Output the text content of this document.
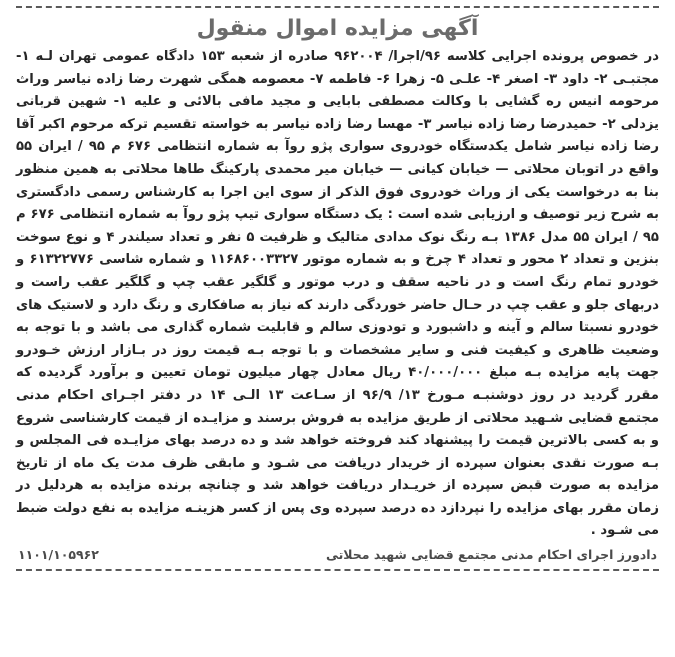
آگهی مزایده اموال منقول
در خصوص پرونده اجرایی کلاسه ۹۶/اجرا/ ۹۶۲۰۰۴ صادره از شعبه ۱۵۳ دادگاه عمومی تهران لـه ۱- مجتبـی ۲- داود ۳- اصغر ۴- علـی ۵- زهرا ۶- فاطمه ۷- معصومه همگی شهرت رضا زاده نیاسر وراث مرحومه انیس ره گشایی با وکالت مصطفی بابایی و مجید مافی بالائی و علیه ۱- شهین قربانی یزدلی ۲- حمیدرضا رضا زاده نیاسر ۳- مهسا رضا زاده نیاسر به خواسته تقسیم ترکه مرحوم اکبر آقا رضا زاده نیاسر شامل یکدستگاه خودروی سواری پژو روآ به شماره انتظامی ۶۷۶ م ۹۵ / ایران ۵۵ واقع در اتوبان محلاتی — خیابان کیانی — خیابان میر محمدی پارکینگ طاها محلاتی به همین منظور بنا به درخواست یکی از وراث خودروی فوق الذکر از سوی این اجرا به کارشناس رسمی دادگستری به شرح زیر توصیف و ارزیابی شده است : یک دستگاه سواری تیپ پژو روآ به شماره انتظامی ۶۷۶ م ۹۵ / ایران ۵۵ مدل ۱۳۸۶ بـه رنگ نوک مدادی متالیک و ظرفیت ۵ نفر و تعداد سیلندر ۴ و نوع سوخت بنزین و تعداد ۲ محور و تعداد ۴ چرخ و به شماره موتور ۱۱۶۸۶۰۰۳۳۲۷ و شماره شاسی ۶۱۳۲۲۷۷۶ و خودرو تمام رنگ است و در ناحیه سقف و درب موتور و گلگیر عقب چپ و گلگیر عقب راست و دربهای جلو و عقب چپ در حـال حاضر خوردگی دارند که نیاز به صافکاری و رنگ دارد و لاستیک های خودرو نسبتا سالم و آینه و داشبورد و تودوزی سالم و قابلیت شماره گذاری می باشد و با توجه به وضعیت ظاهری و کیفیت فنی و سایر مشخصات و با توجه بـه قیمت روز در بـازار ارزش خـودرو جهت پایه مزایده بـه مبلغ ۴۰/۰۰۰/۰۰۰ ریال معادل چهار میلیون تومان تعیین و برآورد گردیده که مقرر گردید در روز دوشنبـه مـورخ ۱۳/ ۹۶/۹ از سـاعت ۱۳ الـی ۱۴ در دفتر اجـرای احکام مدنی مجتمع قضایی شـهید محلاتی از طریق مزایده به فروش برسند و مزایـده از قیمت کارشناسی شروع و به کسی بالاترین قیمت را پیشنهاد کند فروخته خواهد شد و ده درصد بهای مزایـده فی المجلس و بـه صورت نقدی بعنوان سپرده از خریدار دریافت می شـود و مابقی ظرف مدت یک ماه از تاریخ مزایده به صورت قبض سپرده از خریـدار دریافت خواهد شد و چنانچه برنده مزایده به هردلیل در زمان مقرر بهای مزایده را نپردازد ده درصد سپرده وی پس از کسر هزینـه مزایده به نفع دولت ضبط می شـود .
دادورز اجرای احکام مدنی مجتمع قضایی شهید محلاتی
۱۱۰۱/۱۰۵۹۶۲
